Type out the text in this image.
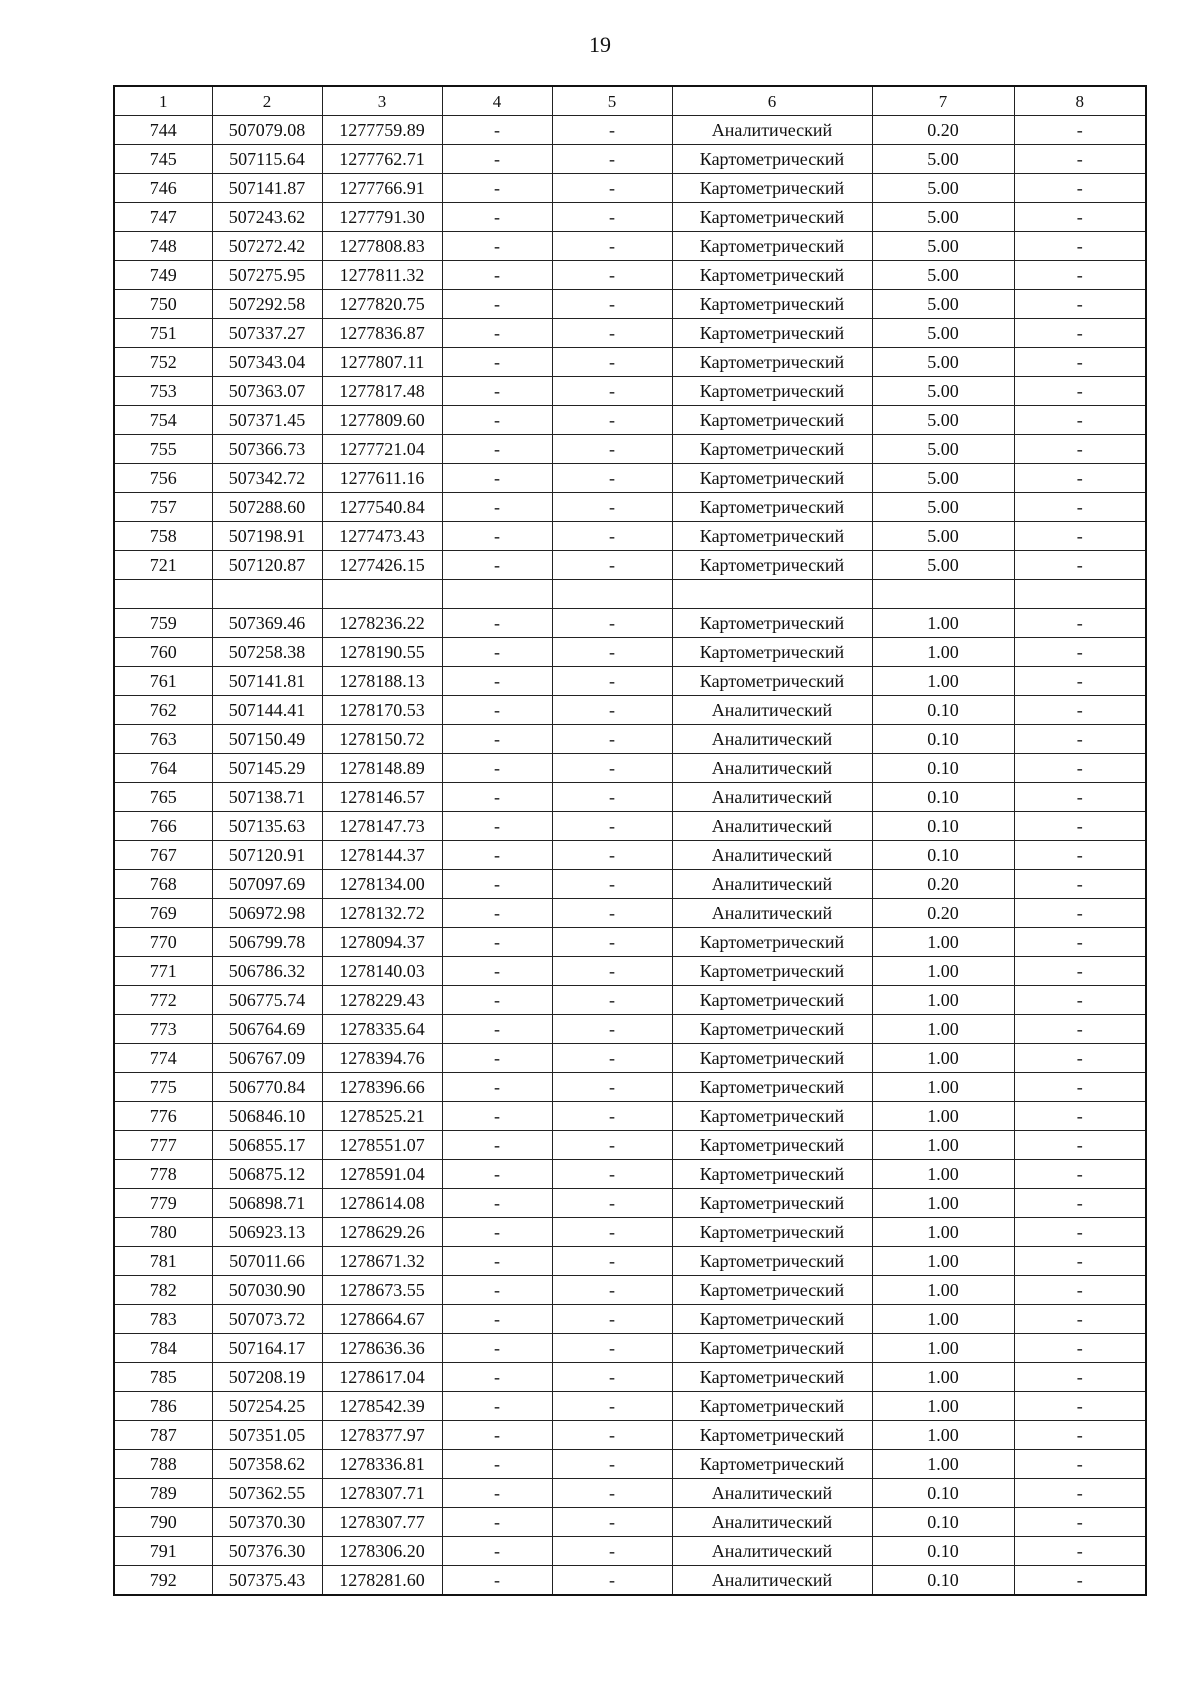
19
1	2	3	4	5	6	7	8
744	507079.08	1277759.89	-	-	Аналитический	0.20	-
745	507115.64	1277762.71	-	-	Картометрический	5.00	-
746	507141.87	1277766.91	-	-	Картометрический	5.00	-
747	507243.62	1277791.30	-	-	Картометрический	5.00	-
748	507272.42	1277808.83	-	-	Картометрический	5.00	-
749	507275.95	1277811.32	-	-	Картометрический	5.00	-
750	507292.58	1277820.75	-	-	Картометрический	5.00	-
751	507337.27	1277836.87	-	-	Картометрический	5.00	-
752	507343.04	1277807.11	-	-	Картометрический	5.00	-
753	507363.07	1277817.48	-	-	Картометрический	5.00	-
754	507371.45	1277809.60	-	-	Картометрический	5.00	-
755	507366.73	1277721.04	-	-	Картометрический	5.00	-
756	507342.72	1277611.16	-	-	Картометрический	5.00	-
757	507288.60	1277540.84	-	-	Картометрический	5.00	-
758	507198.91	1277473.43	-	-	Картометрический	5.00	-
721	507120.87	1277426.15	-	-	Картометрический	5.00	-

759	507369.46	1278236.22	-	-	Картометрический	1.00	-
760	507258.38	1278190.55	-	-	Картометрический	1.00	-
761	507141.81	1278188.13	-	-	Картометрический	1.00	-
762	507144.41	1278170.53	-	-	Аналитический	0.10	-
763	507150.49	1278150.72	-	-	Аналитический	0.10	-
764	507145.29	1278148.89	-	-	Аналитический	0.10	-
765	507138.71	1278146.57	-	-	Аналитический	0.10	-
766	507135.63	1278147.73	-	-	Аналитический	0.10	-
767	507120.91	1278144.37	-	-	Аналитический	0.10	-
768	507097.69	1278134.00	-	-	Аналитический	0.20	-
769	506972.98	1278132.72	-	-	Аналитический	0.20	-
770	506799.78	1278094.37	-	-	Картометрический	1.00	-
771	506786.32	1278140.03	-	-	Картометрический	1.00	-
772	506775.74	1278229.43	-	-	Картометрический	1.00	-
773	506764.69	1278335.64	-	-	Картометрический	1.00	-
774	506767.09	1278394.76	-	-	Картометрический	1.00	-
775	506770.84	1278396.66	-	-	Картометрический	1.00	-
776	506846.10	1278525.21	-	-	Картометрический	1.00	-
777	506855.17	1278551.07	-	-	Картометрический	1.00	-
778	506875.12	1278591.04	-	-	Картометрический	1.00	-
779	506898.71	1278614.08	-	-	Картометрический	1.00	-
780	506923.13	1278629.26	-	-	Картометрический	1.00	-
781	507011.66	1278671.32	-	-	Картометрический	1.00	-
782	507030.90	1278673.55	-	-	Картометрический	1.00	-
783	507073.72	1278664.67	-	-	Картометрический	1.00	-
784	507164.17	1278636.36	-	-	Картометрический	1.00	-
785	507208.19	1278617.04	-	-	Картометрический	1.00	-
786	507254.25	1278542.39	-	-	Картометрический	1.00	-
787	507351.05	1278377.97	-	-	Картометрический	1.00	-
788	507358.62	1278336.81	-	-	Картометрический	1.00	-
789	507362.55	1278307.71	-	-	Аналитический	0.10	-
790	507370.30	1278307.77	-	-	Аналитический	0.10	-
791	507376.30	1278306.20	-	-	Аналитический	0.10	-
792	507375.43	1278281.60	-	-	Аналитический	0.10	-
